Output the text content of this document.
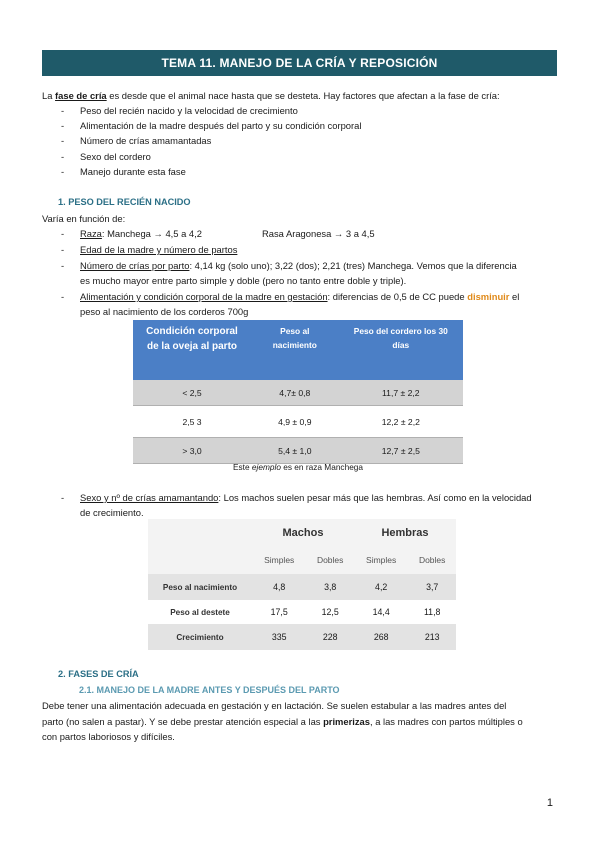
TEMA 11. MANEJO DE LA CRÍA Y REPOSICIÓN
La fase de cría es desde que el animal nace hasta que se desteta. Hay factores que afectan a la fase de cría:
- Peso del recién nacido y la velocidad de crecimiento
- Alimentación de la madre después del parto y su condición corporal
- Número de crías amamantadas
- Sexo del cordero
- Manejo durante esta fase
1. PESO DEL RECIÉN NACIDO
Varía en función de:
- Raza: Manchega → 4,5 a 4,2	Rasa Aragonesa → 3 a 4,5
- Edad de la madre y número de partos
- Número de crías por parto: 4,14 kg (solo uno); 3,22 (dos); 2,21 (tres) Manchega. Vemos que la diferencia
es mucho mayor entre parto simple y doble (pero no tanto entre doble y triple).
- Alimentación y condición corporal de la madre en gestación: diferencias de 0,5 de CC puede disminuir el
peso al nacimiento de los corderos 700g
Condición corporal de la oveja al parto	Peso al nacimiento	Peso del cordero los 30 días
< 2,5	4,7± 0,8	11,7 ± 2,2
2,5 3	4,9 ± 0,9	12,2 ± 2,2
> 3,0	5,4 ± 1,0	12,7 ± 2,5
Este ejemplo es en raza Manchega
- Sexo y nº de crías amamantando: Los machos suelen pesar más que las hembras. Así como en la velocidad
de crecimiento.
	Machos		Hembras	
	Simples	Dobles	Simples	Dobles
Peso al nacimiento	4,8	3,8	4,2	3,7
Peso al destete	17,5	12,5	14,4	11,8
Crecimiento	335	228	268	213
2. FASES DE CRÍA
2.1. MANEJO DE LA MADRE ANTES Y DESPUÉS DEL PARTO
Debe tener una alimentación adecuada en gestación y en lactación. Se suelen estabular a las madres antes del
parto (no salen a pastar). Y se debe prestar atención especial a las primerizas, a las madres con partos múltiples o
con partos laboriosos y difíciles.
1
